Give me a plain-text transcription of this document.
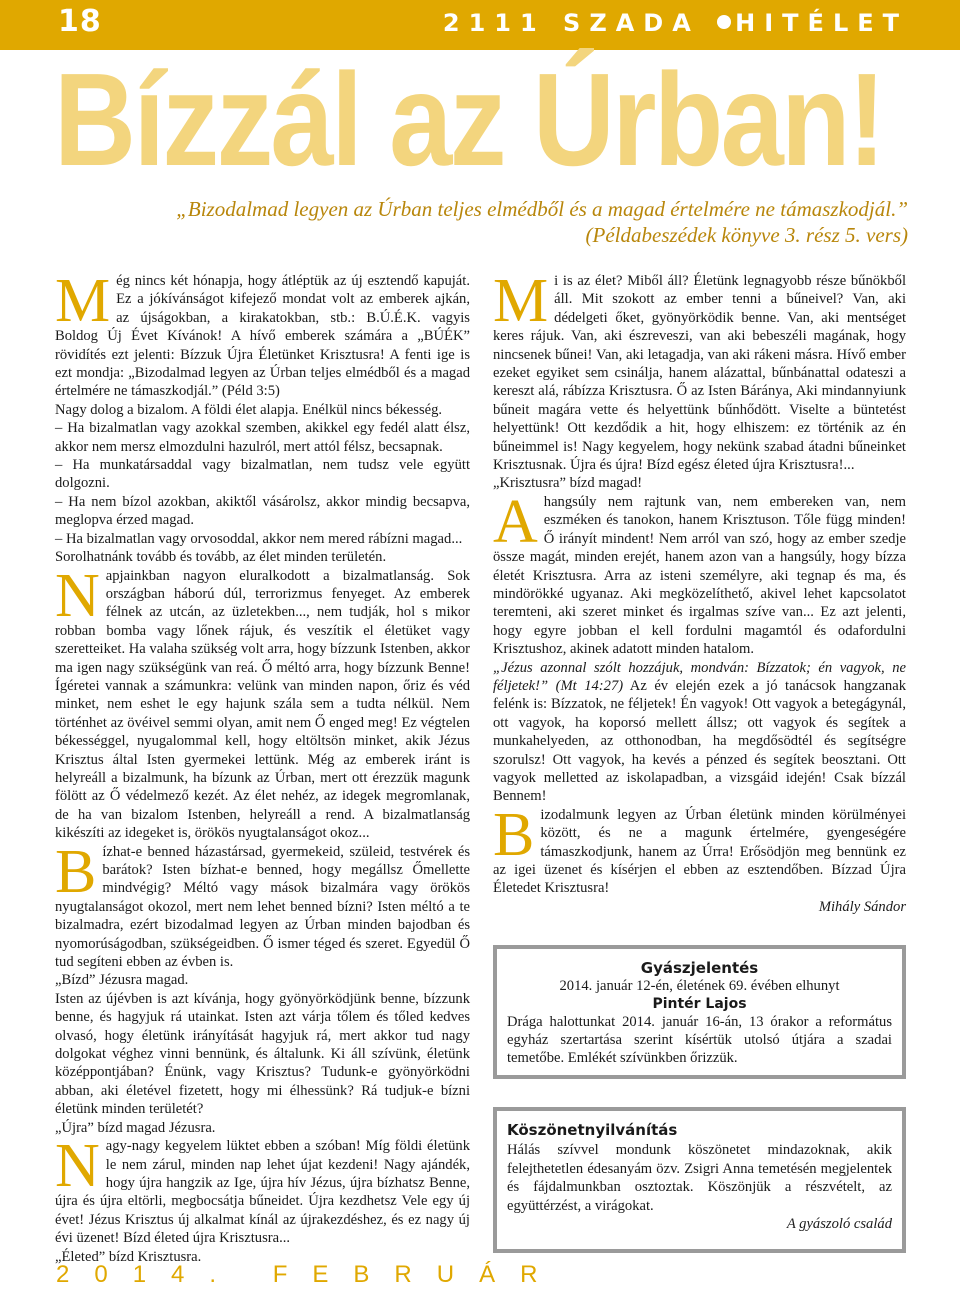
18	2111 SZADA HITÉLET
Bízzál az Úrban!
„Bizodalmad legyen az Úrban teljes elmédből és a magad értelmére ne támaszkodjál.”
(Példabeszédek könyve 3. rész 5. vers)

Még nincs két hónapja, hogy átléptük az új esztendő kapuját. Ez a jókívánságot kifejező mondat volt az emberek ajkán, az újságokban, a kirakatokban, stb.: B.Ú.É.K. vagyis Boldog Új Évet Kívánok! A hívő emberek számára a „BÚÉK” rövidítés ezt jelenti: Bízzuk Újra Életünket Krisztusra! A fenti ige is ezt mondja: „Bizodalmad legyen az Úrban teljes elmédből és a magad értelmére ne támaszkodjál.” (Péld 3:5)

Nagy dolog a bizalom. A földi élet alapja. Enélkül nincs békesség.

– Ha bizalmatlan vagy azokkal szemben, akikkel egy fedél alatt élsz, akkor nem mersz elmozdulni hazulról, mert attól félsz, becsapnak.

– Ha munkatársaddal vagy bizalmatlan, nem tudsz vele együtt dolgozni.

– Ha nem bízol azokban, akiktől vásárolsz, akkor mindig becsapva, meglopva érzed magad.

– Ha bizalmatlan vagy orvosoddal, akkor nem mered rábízni magad...

Sorolhatnánk tovább és tovább, az élet minden területén.

Napjainkban nagyon eluralkodott a bizalmatlanság. Sok országban háború dúl, terrorizmus fenyeget. Az emberek félnek az utcán, az üzletekben..., nem tudják, hol s mikor robban bomba vagy lőnek rájuk, és veszítik el életüket vagy szeretteiket. Ha valaha szükség volt arra, hogy bízzunk Istenben, akkor ma igen nagy szükségünk van reá. Ő méltó arra, hogy bízzunk Benne! Ígéretei vannak a számunkra: velünk van minden napon, őriz és véd minket, nem eshet le egy hajunk szála sem a tudta nélkül. Nem történhet az övéivel semmi olyan, amit nem Ő enged meg! Ez végtelen békességgel, nyugalommal kell, hogy eltöltsön minket, akik Jézus Krisztus által Isten gyermekei lettünk. Még az emberek iránt is helyreáll a bizalmunk, ha bízunk az Úrban, mert ott érezzük magunk fölött az Ő védelmező kezét. Az élet nehéz, az idegek megromlanak, de ha van bizalom Istenben, helyreáll a rend. A bizalmatlanság kikészíti az idegeket is, örökös nyugtalanságot okoz...

Bízhat-e benned házastársad, gyermekeid, szüleid, testvérek és barátok? Isten bízhat-e benned, hogy megállsz Őmellette mindvégig? Méltó vagy mások bizalmára vagy örökös nyugtalanságot okozol, mert nem lehet benned bízni? Isten méltó a te bizalmadra, ezért bizodalmad legyen az Úrban minden bajodban és nyomorúságodban, szükségeidben. Ő ismer téged és szeret. Egyedül Ő tud segíteni ebben az évben is.

„Bízd” Jézusra magad.

Isten az újévben is azt kívánja, hogy gyönyörködjünk benne, bízzunk benne, és hagyjuk rá utainkat. Isten azt várja tőlem és tőled kedves olvasó, hogy életünk irányítását hagyjuk rá, mert akkor tud nagy dolgokat véghez vinni bennünk, és általunk. Ki áll szívünk, életünk középpontjában? Énünk, vagy Krisztus? Tudunk-e gyönyörködni abban, aki életével fizetett, hogy mi élhessünk? Rá tudjuk-e bízni életünk minden területét?

„Újra” bízd magad Jézusra.

Nagy-nagy kegyelem lüktet ebben a szóban! Míg földi életünk le nem zárul, minden nap lehet újat kezdeni! Nagy ajándék, hogy újra hangzik az Ige, újra hív Jézus, újra bízhatsz Benne, újra és újra eltörli, megbocsátja bűneidet. Újra kezdhetsz Vele egy új évet! Jézus Krisztus új alkalmat kínál az újrakezdéshez, és ez nagy új évi üzenet! Bízd életed újra Krisztusra...

„Életed” bízd Krisztusra.

Mi is az élet? Miből áll? Életünk legnagyobb része bűnökből áll. Mit szokott az ember tenni a bűneivel? Van, aki dédelgeti őket, gyönyörködik benne. Van, aki mentséget keres rájuk. Van, aki észreveszi, van aki bebeszéli magának, hogy nincsenek bűnei! Van, aki letagadja, van aki rákeni másra. Hívő ember ezeket egyiket sem csinálja, hanem alázattal, bűnbánattal odateszi a kereszt alá, rábízza Krisztusra. Ő az Isten Báránya, Aki mindannyiunk bűneit magára vette és helyettünk bűnhődött. Viselte a büntetést helyettünk! Ott kezdődik a hit, hogy elhiszem: ez történik az én bűneimmel is! Nagy kegyelem, hogy nekünk szabad átadni bűneinket Krisztusnak. Újra és újra! Bízd egész életed újra Krisztusra!...

„Krisztusra” bízd magad!

Ahangsúly nem rajtunk van, nem embereken van, nem eszméken és tanokon, hanem Krisztuson. Tőle függ minden! Ő irányít mindent! Nem arról van szó, hogy az ember szedje össze magát, minden erejét, hanem azon van a hangsúly, hogy bízza életét Krisztusra. Arra az isteni személyre, aki tegnap és ma, és mindörökké ugyanaz. Aki megközelíthető, akivel lehet kapcsolatot teremteni, aki szeret minket és irgalmas szíve van... Ez azt jelenti, hogy egyre jobban el kell fordulni magamtól és odafordulni Krisztushoz, akinek adatott minden hatalom.

„Jézus azonnal szólt hozzájuk, mondván: Bízzatok; én vagyok, ne féljetek!” (Mt 14:27) Az év elején ezek a jó tanácsok hangzanak felénk is: Bízzatok, ne féljetek! Én vagyok! Ott vagyok a betegágynál, ott vagyok, ha koporsó mellett állsz; ott vagyok és segítek a munkahelyeden, az otthonodban, ha megdősödtél és segítségre szorulsz! Ott vagyok, ha kevés a pénzed és segítek beosztani. Ott vagyok melletted az iskolapadban, a vizsgáid idején! Csak bízzál Bennem!

Bizodalmunk legyen az Úrban életünk minden körülményei között, és ne a magunk értelmére, gyengeségére támaszkodjunk, hanem az Úrra! Erősödjön meg bennünk ez az igei üzenet és kísérjen el ebben az esztendőben. Bízzad Újra Életedet Krisztusra!

Mihály Sándor

Gyászjelentés
2014. január 12-én, életének 69. évében elhunyt
Pintér Lajos
Drága halottunkat 2014. január 16-án, 13 órakor a református egyház szertartása szerint kísértük utolsó útjára a szadai temetőbe. Emlékét szívünkben őrizzük.
Köszönetnyilvánítás
Hálás szívvel mondunk köszönetet mindazoknak, akik felejthetetlen édesanyám özv. Zsigri Anna temetésén megjelentek és fájdalmunkban osztoztak. Köszönjük a részvételt, az együttérzést, a virágokat.
A gyászoló család
2014. FEBRUÁR
